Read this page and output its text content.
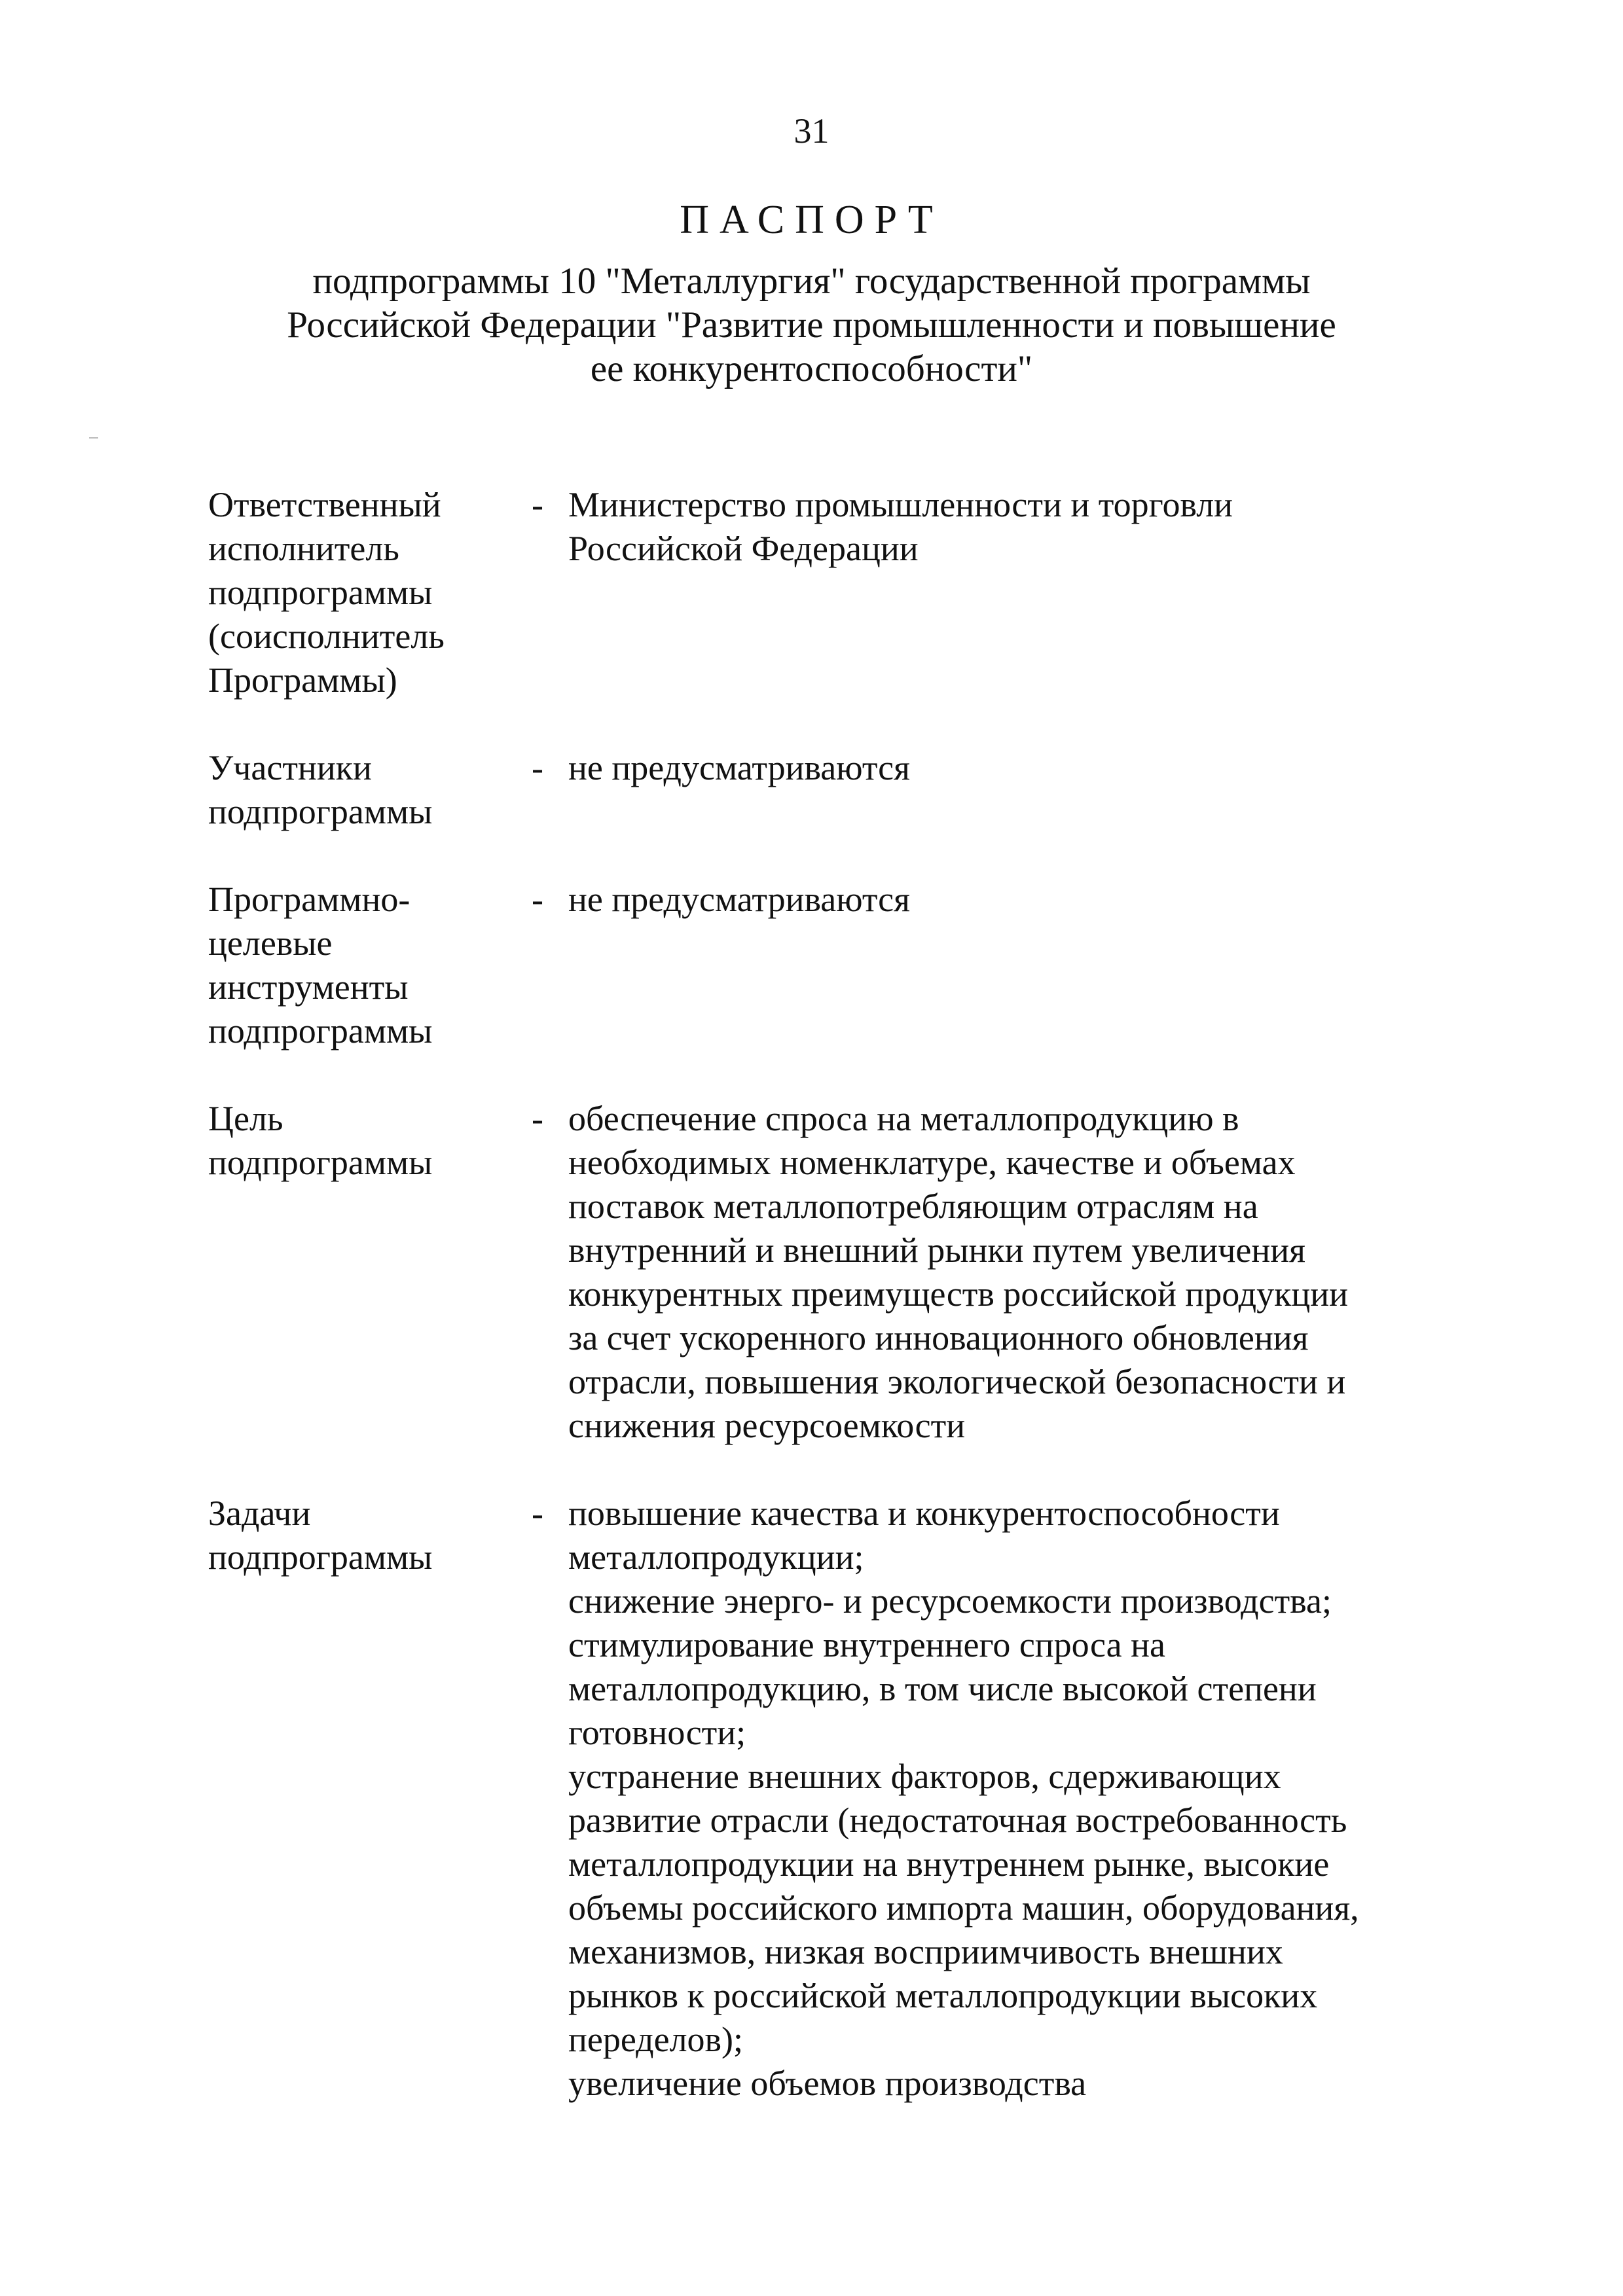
31
ПАСПОРТ
подпрограммы 10 "Металлургия" государственной программы
Российской Федерации "Развитие промышленности и повышение
ее конкурентоспособности"
Ответственный
исполнитель
подпрограммы
(соисполнитель
Программы)
- Министерство промышленности и торговли
Российской Федерации
Участники
подпрограммы
- не предусматриваются
Программно-
целевые
инструменты
подпрограммы
- не предусматриваются
Цель
подпрограммы
- обеспечение спроса на металлопродукцию в
необходимых номенклатуре, качестве и объемах
поставок металлопотребляющим отраслям на
внутренний и внешний рынки путем увеличения
конкурентных преимуществ российской продукции
за счет ускоренного инновационного обновления
отрасли, повышения экологической безопасности и
снижения ресурсоемкости
Задачи
подпрограммы
- повышение качества и конкурентоспособности
металлопродукции;
снижение энерго- и ресурсоемкости производства;
стимулирование внутреннего спроса на
металлопродукцию, в том числе высокой степени
готовности;
устранение внешних факторов, сдерживающих
развитие отрасли (недостаточная востребованность
металлопродукции на внутреннем рынке, высокие
объемы российского импорта машин, оборудования,
механизмов, низкая восприимчивость внешних
рынков к российской металлопродукции высоких
переделов);
увеличение объемов производства
